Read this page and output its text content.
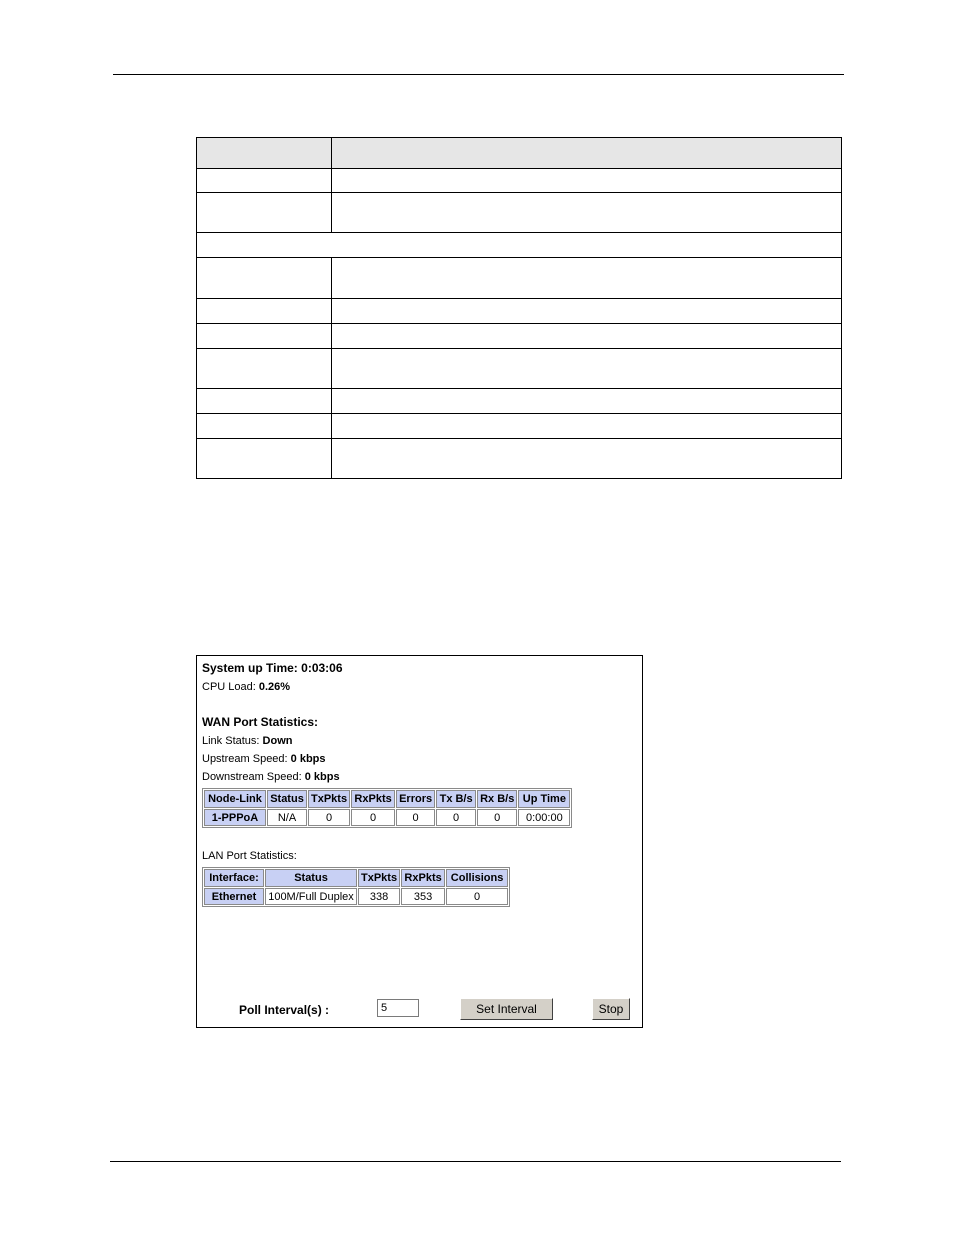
System up Time: 0:03:06
CPU Load: 0.26%
WAN Port Statistics:
Link Status: Down
Upstream Speed: 0 kbps
Downstream Speed: 0 kbps
Node-Link	Status	TxPkts	RxPkts	Errors	Tx B/s	Rx B/s	Up Time
1-PPPoA	N/A	0	0	0	0	0	0:00:00
LAN Port Statistics:
Interface:	Status	TxPkts	RxPkts	Collisions
Ethernet	100M/Full Duplex	338	353	0
Poll Interval(s) :
5	Set Interval	Stop
